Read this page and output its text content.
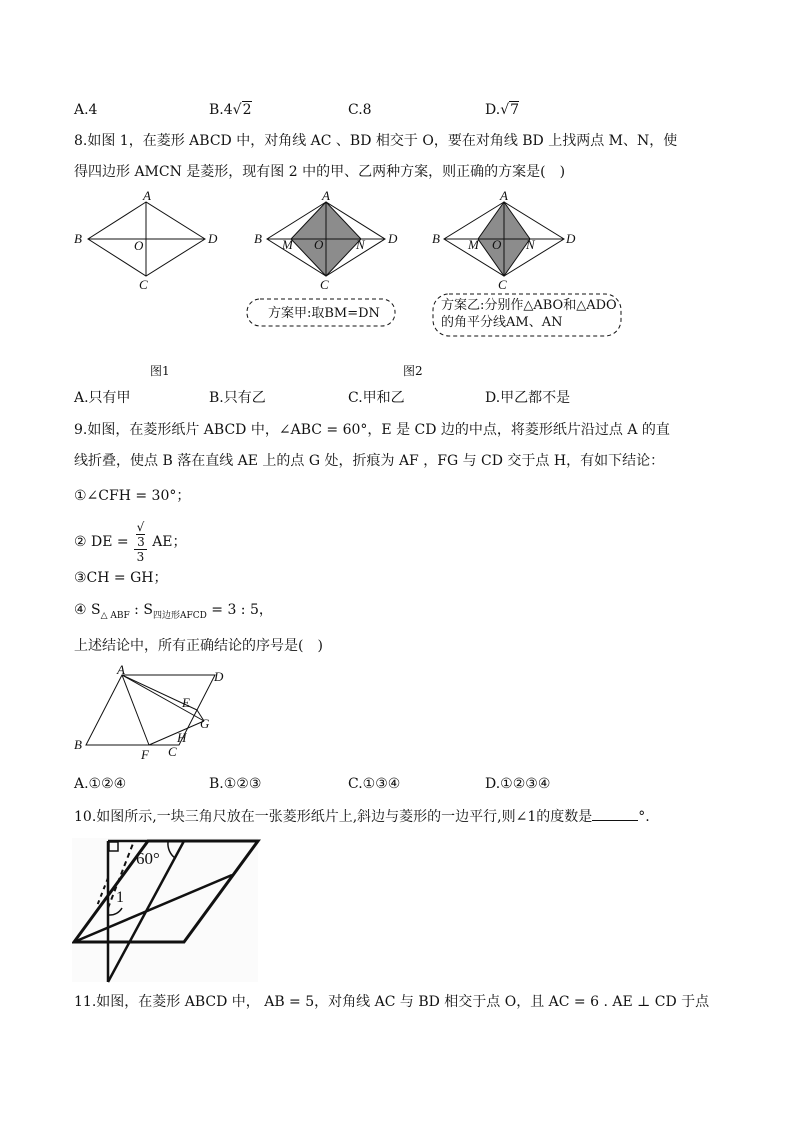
A.4	B.4√2	C.8	D.√7
8.如图 1，在菱形 ABCD 中，对角线 AC 、BD 相交于 O，要在对角线 BD 上找两点 M、N，使
得四边形 AMCN 是菱形，现有图 2 中的甲、乙两种方案，则正确的方案是(　)
A
B
C
D
O
A
B M O	N D
C
A
B M O N D
C
方案甲:取BM=DN
方案乙:分别作△ABO和△ADO
的角平分线AM、AN
图1	图2
A.只有甲	B.只有乙	C.甲和乙	D.甲乙都不是
9.如图，在菱形纸片 ABCD 中，∠ABC = 60°，E 是 CD 边的中点，将菱形纸片沿过点 A 的直
线折叠，使点 B 落在直线 AE 上的点 G 处，折痕为 AF ，FG 与 CD 交于点 H，有如下结论：
①∠CFH = 30°；
② DE = √
3
3 AE；
③CH = GH；
④ $S_{\triangle ABF}$ : $S_{四边形AFCD} = 3$ : 5，
上述结论中，所有正确结论的序号是(　)
A	D
E
G
H
B
F C
A.①②④	B.①②③	C.①③④	D.①②③④
10.如图所示,一块三角尺放在一张菱形纸片上,斜边与菱形的一边平行,则∠1的度数是	°.
60°
1
11.如图，在菱形 ABCD 中， AB = 5，对角线 AC 与 BD 相交于点 O，且 AC = 6 . AE ⊥ CD 于点
